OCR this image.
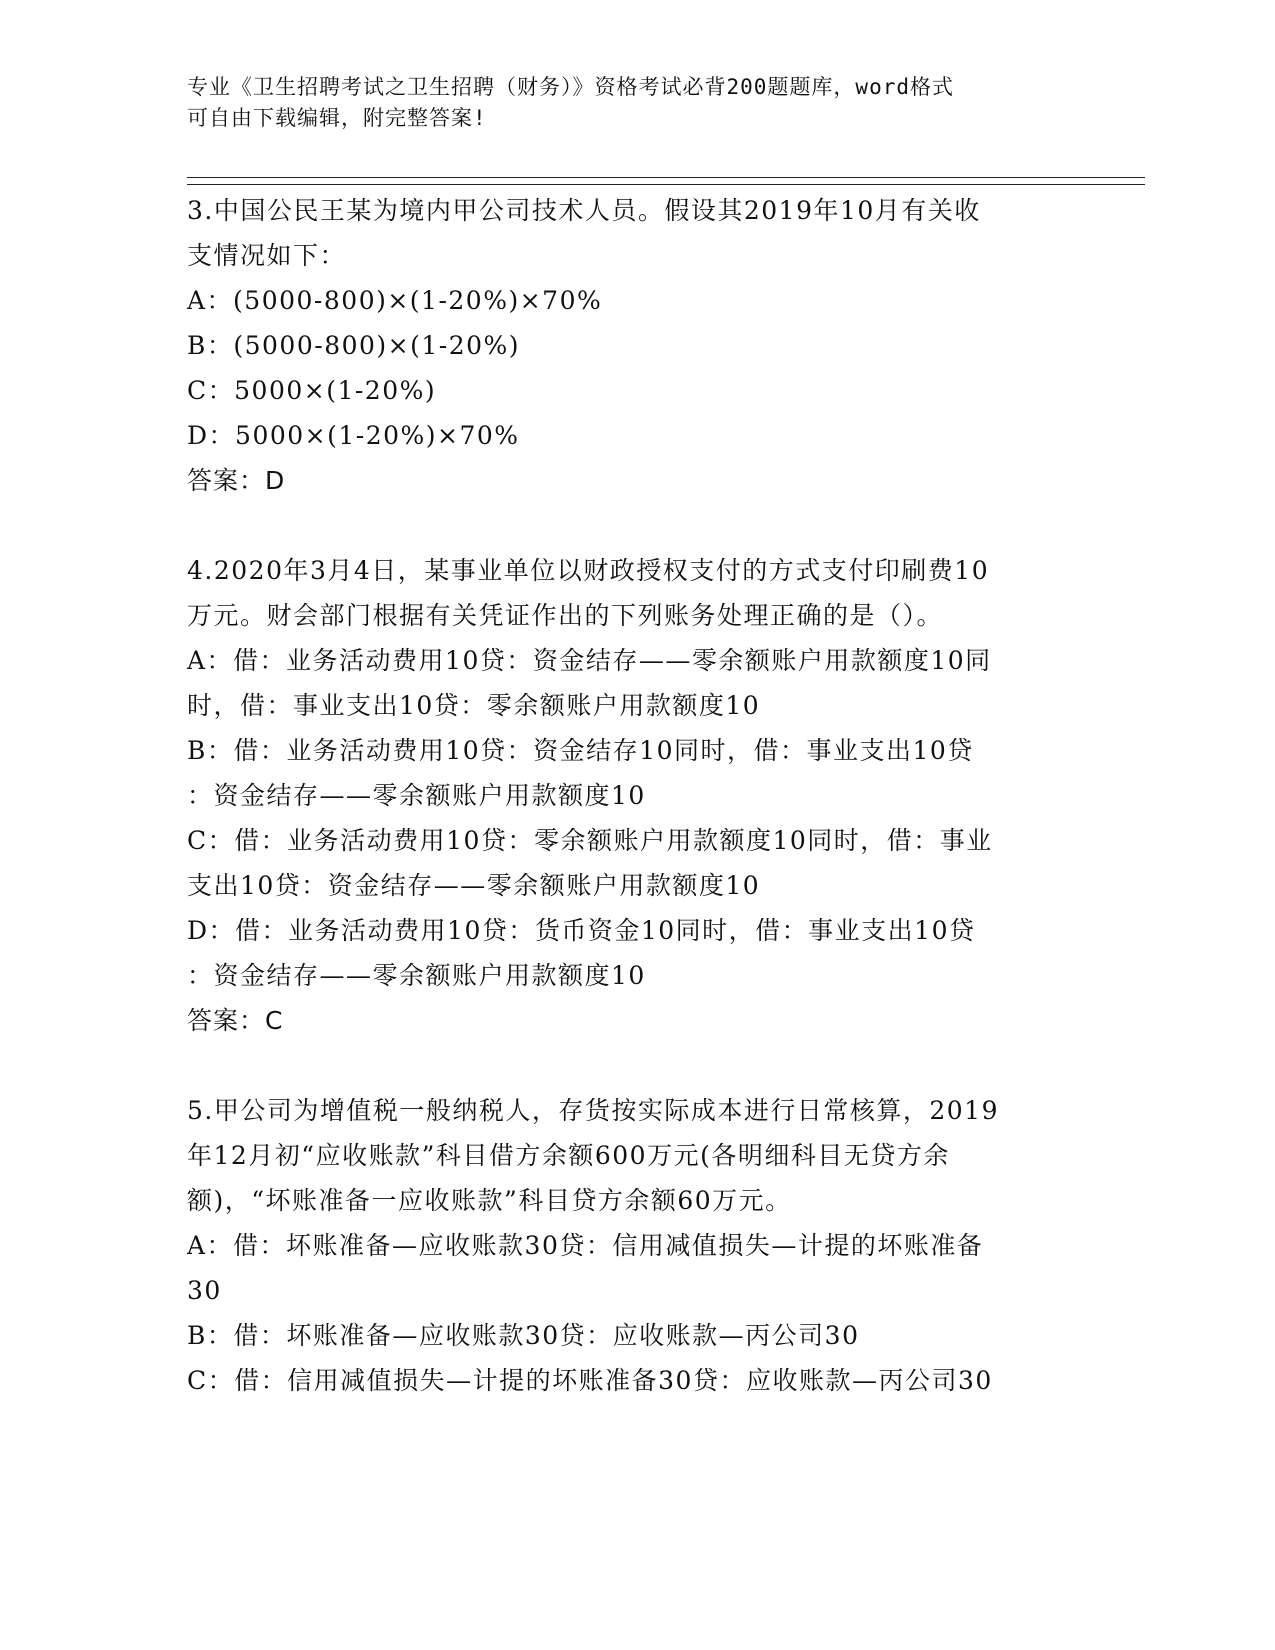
专业《卫生招聘考试之卫生招聘（财务）》资格考试必背200题题库，word格式
可自由下载编辑，附完整答案!
3.中国公民王某为境内甲公司技术人员。假设其2019年10月有关收
支情况如下：
A：(5000-800)×(1-20%)×70%
B：(5000-800)×(1-20%)
C：5000×(1-20%)
D：5000×(1-20%)×70%
答案：D
4.2020年3月4日，某事业单位以财政授权支付的方式支付印刷费10
万元。财会部门根据有关凭证作出的下列账务处理正确的是（）。
A：借：业务活动费用10贷：资金结存——零余额账户用款额度10同
时，借：事业支出10贷：零余额账户用款额度10
B：借：业务活动费用10贷：资金结存10同时，借：事业支出10贷
：资金结存——零余额账户用款额度10
C：借：业务活动费用10贷：零余额账户用款额度10同时，借：事业
支出10贷：资金结存——零余额账户用款额度10
D：借：业务活动费用10贷：货币资金10同时，借：事业支出10贷
：资金结存——零余额账户用款额度10
答案：C
5.甲公司为增值税一般纳税人，存货按实际成本进行日常核算，2019
年12月初“应收账款”科目借方余额600万元(各明细科目无贷方余
额)，“坏账准备一应收账款”科目贷方余额60万元。
A：借：坏账准备—应收账款30贷：信用减值损失—计提的坏账准备
30
B：借：坏账准备—应收账款30贷：应收账款—丙公司30
C：借：信用减值损失—计提的坏账准备30贷：应收账款—丙公司30
